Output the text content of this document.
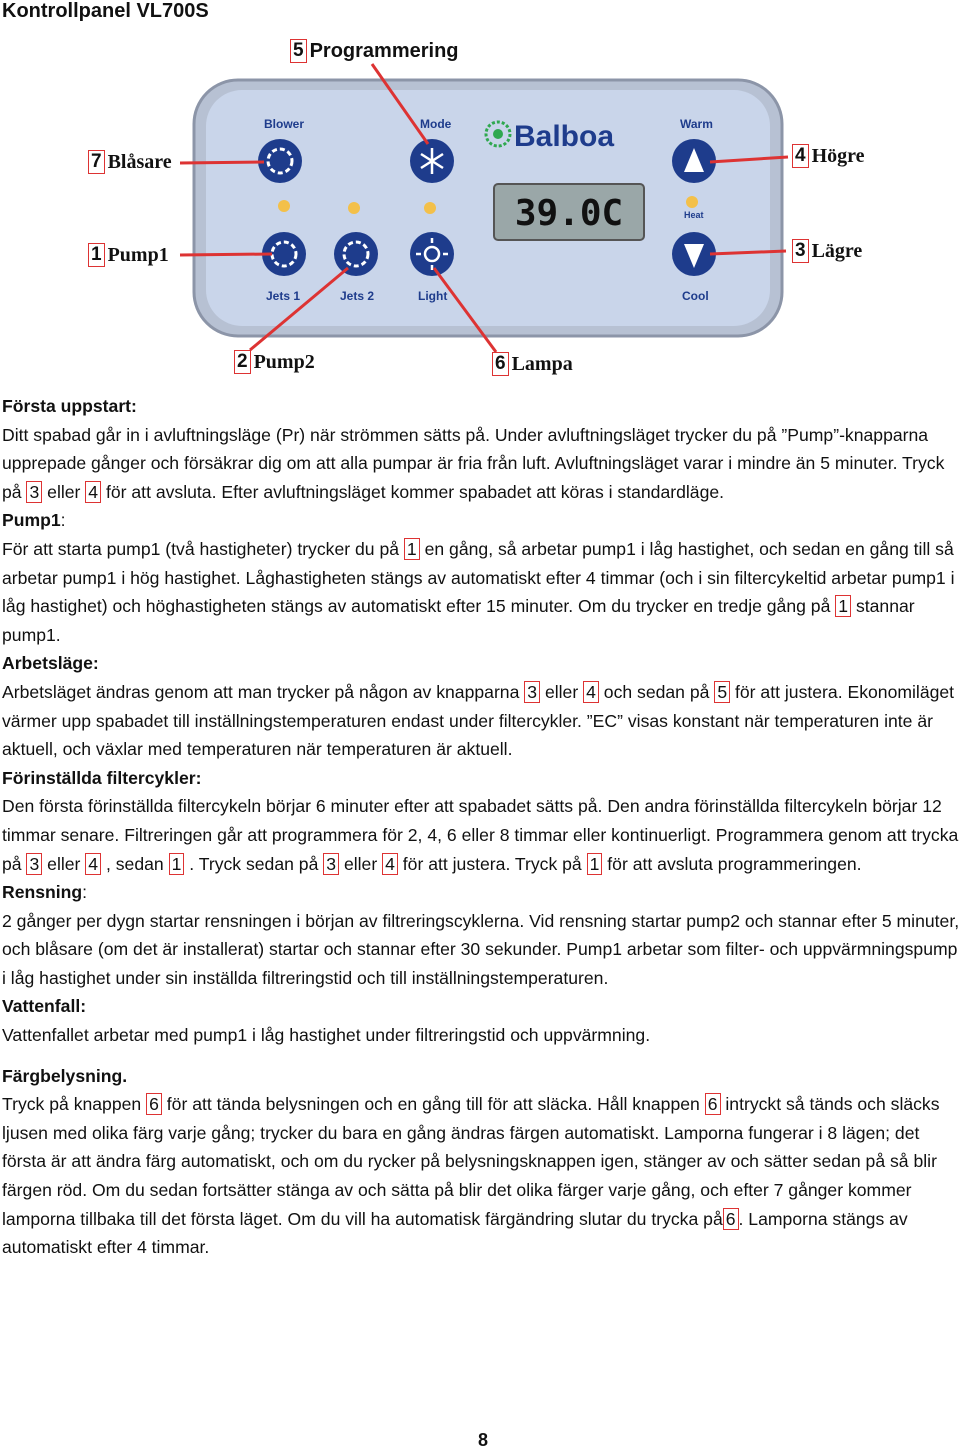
Kontrollpanel VL700S
Blower	Mode Balboa	Warm
39.0C	Heat
Jets 1	Jets 2	Light	Cool
5 Programmering
7 Blåsare	4 Högre
1 Pump1	3 Lägre
2 Pump2	6 Lampa

Första uppstart:

Ditt spabad går in i avluftningsläge (Pr) när strömmen sätts på. Under avluftningsläget trycker du på ”Pump”-knapparna upprepade gånger och försäkrar dig om att alla pumpar är fria från luft. Avluftningsläget varar i mindre än 5 minuter. Tryck på 3 eller 4 för att avsluta. Efter avluftningsläget kommer spabadet att köras i standardläge.

Pump1:

För att starta pump1 (två hastigheter) trycker du på 1 en gång, så arbetar pump1 i låg hastighet, och sedan en gång till så arbetar pump1 i hög hastighet. Låghastigheten stängs av automatiskt efter 4 timmar (och i sin filtercykeltid arbetar pump1 i låg hastighet) och höghastigheten stängs av automatiskt efter 15 minuter. Om du trycker en tredje gång på 1 stannar pump1.

Arbetsläge:

Arbetsläget ändras genom att man trycker på någon av knapparna 3 eller 4 och sedan på 5 för att justera. Ekonomiläget värmer upp spabadet till inställningstemperaturen endast under filtercykler. ”EC” visas konstant när temperaturen inte är aktuell, och växlar med temperaturen när temperaturen är aktuell.

Förinställda filtercykler:

Den första förinställda filtercykeln börjar 6 minuter efter att spabadet sätts på. Den andra förinställda filtercykeln börjar 12 timmar senare. Filtreringen går att programmera för 2, 4, 6 eller 8 timmar eller kontinuerligt. Programmera genom att trycka på 3 eller 4 , sedan 1 . Tryck sedan på 3 eller 4 för att justera. Tryck på 1 för att avsluta programmeringen.

Rensning:

2 gånger per dygn startar rensningen i början av filtreringscyklerna. Vid rensning startar pump2 och stannar efter 5 minuter, och blåsare (om det är installerat) startar och stannar efter 30 sekunder. Pump1 arbetar som filter- och uppvärmningspump i låg hastighet under sin inställda filtreringstid och till inställningstemperaturen.

Vattenfall:

Vattenfallet arbetar med pump1 i låg hastighet under filtreringstid och uppvärmning.

Färgbelysning.

Tryck på knappen 6 för att tända belysningen och en gång till för att släcka. Håll knappen 6 intryckt så tänds och släcks ljusen med olika färg varje gång; trycker du bara en gång ändras färgen automatiskt. Lamporna fungerar i 8 lägen; det första är att ändra färg automatiskt, och om du rycker på belysningsknappen igen, stänger av och sätter sedan på så blir färgen röd. Om du sedan fortsätter stänga av och sätta på blir det olika färger varje gång, och efter 7 gånger kommer lamporna tillbaka till det första läget. Om du vill ha automatisk färgändring slutar du trycka på 6 . Lamporna stängs av automatiskt efter 4 timmar.

8
